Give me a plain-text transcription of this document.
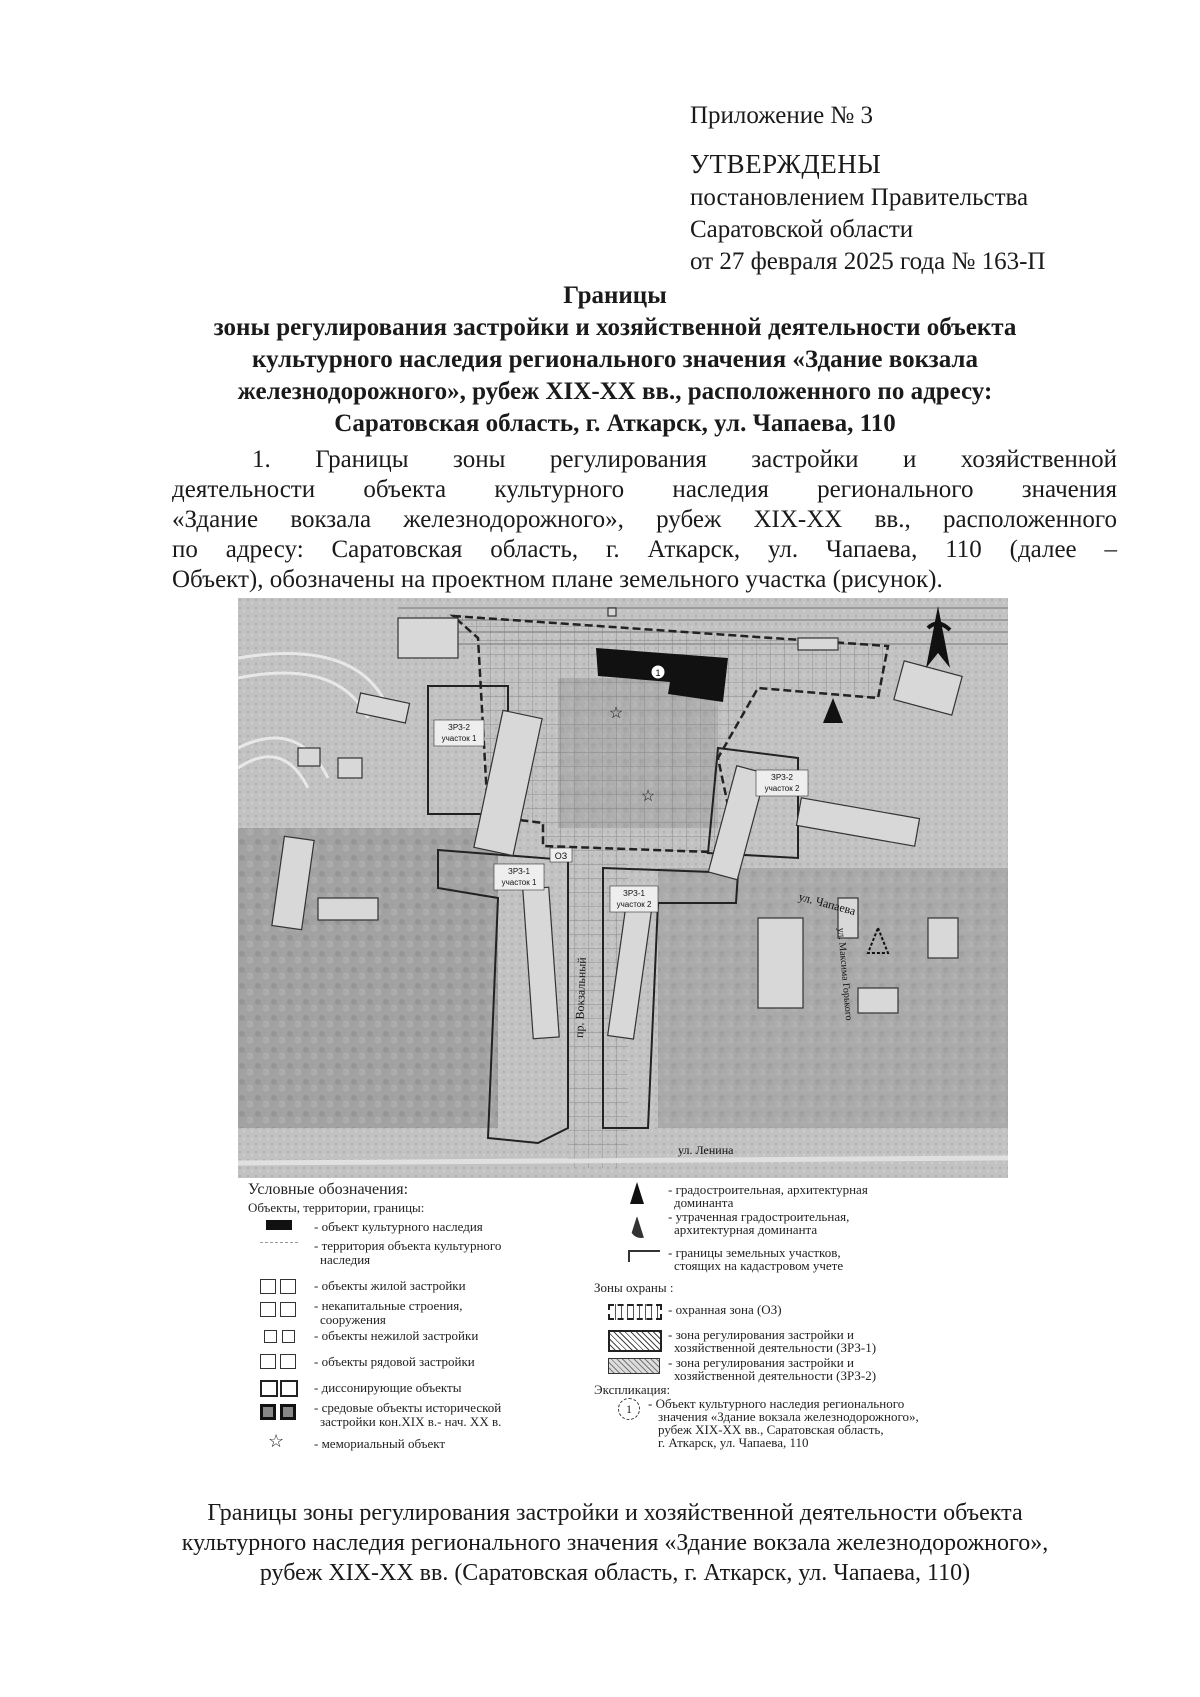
Приложение № 3
УТВЕРЖДЕНЫ
постановлением Правительства
Саратовской области
от 27 февраля 2025 года № 163-П
Границы
зоны регулирования застройки и хозяйственной деятельности объекта
культурного наследия регионального значения «Здание вокзала
железнодорожного», рубеж XIX-XX вв., расположенного по адресу:
Саратовская область, г. Аткарск, ул. Чапаева, 110
1. Границы зоны регулирования застройки и хозяйственной
деятельности объекта культурного наследия регионального значения
«Здание вокзала железнодорожного», рубеж XIX-XX вв., расположенного
по адресу: Саратовская область, г. Аткарск, ул. Чапаева, 110 (далее –
Объект), обозначены на проектном плане земельного участка (рисунок).
1
☆
☆
ЗРЗ-2
участок 1
ЗРЗ-2
участок 2
ЗРЗ-1
участок 1
ЗРЗ-1
участок 2
ОЗ
ул. Чапаева
пр. Вокзальный	ул. Максима Горького
ул. Ленина
Условные обозначения:
Объекты, территории, границы:
- объект культурного наследия
- территория объекта культурного
наследия
- объекты жилой застройки
- некапитальные строения,
сооружения
- объекты нежилой застройки
- объекты рядовой застройки
- диссонирующие объекты
- средовые объекты исторической
застройки кон.XIX в.- нач. XX в.
☆ - мемориальный объект
- градостроительная, архитектурная
доминанта
- утраченная градостроительная,
архитектурная доминанта
- границы земельных участков,
стоящих на кадастровом учете
Зоны охраны :
- охранная зона (ОЗ)
- зона регулирования застройки и
хозяйственной деятельности (ЗРЗ-1)
- зона регулирования застройки и
хозяйственной деятельности (ЗРЗ-2)
Экспликация:
1	- Объект культурного наследия регионального
значения «Здание вокзала железнодорожного»,
рубеж XIX-XX вв., Саратовская область,
г. Аткарск, ул. Чапаева, 110
Границы зоны регулирования застройки и хозяйственной деятельности объекта
культурного наследия регионального значения «Здание вокзала железнодорожного»,
рубеж XIX-XX вв. (Саратовская область, г. Аткарск, ул. Чапаева, 110)
